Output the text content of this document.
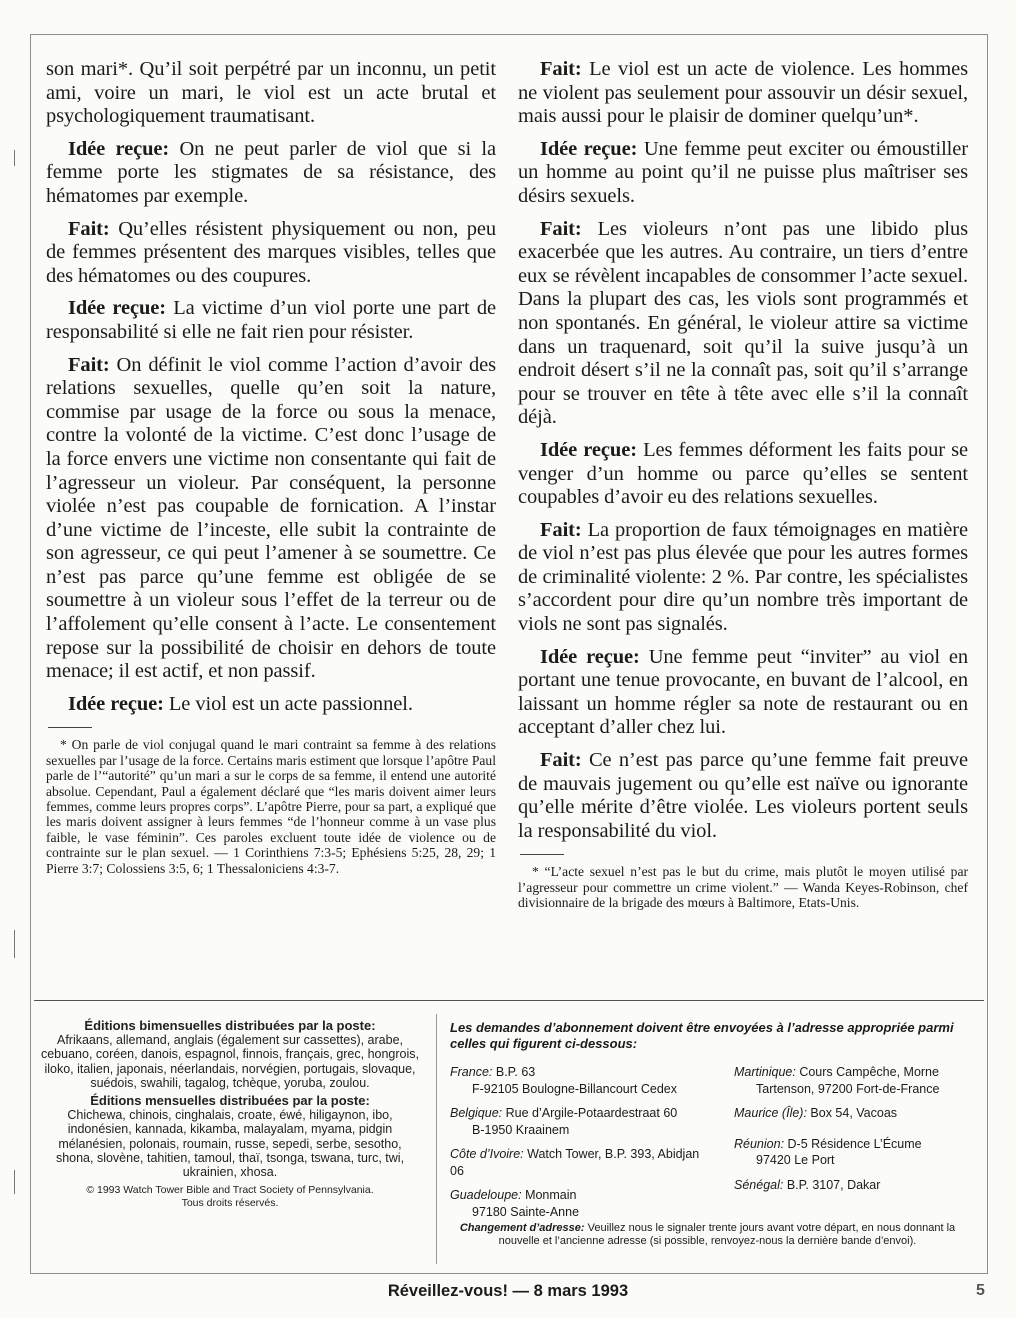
son mari*. Qu’il soit perpétré par un inconnu, un petit ami, voire un mari, le viol est un acte brutal et psychologiquement traumatisant.

Idée reçue: On ne peut parler de viol que si la femme porte les stigmates de sa résistance, des hématomes par exemple.

Fait: Qu’elles résistent physiquement ou non, peu de femmes présentent des marques visibles, telles que des hématomes ou des coupures.

Idée reçue: La victime d’un viol porte une part de responsabilité si elle ne fait rien pour résister.

Fait: On définit le viol comme l’action d’avoir des relations sexuelles, quelle qu’en soit la nature, commise par usage de la force ou sous la menace, contre la volonté de la victime. C’est donc l’usage de la force envers une victime non consentante qui fait de l’agresseur un violeur. Par conséquent, la personne violée n’est pas coupable de fornication. A l’instar d’une victime de l’inceste, elle subit la contrainte de son agresseur, ce qui peut l’amener à se soumettre. Ce n’est pas parce qu’une femme est obligée de se soumettre à un violeur sous l’effet de la terreur ou de l’affolement qu’elle consent à l’acte. Le consentement repose sur la possibilité de choisir en dehors de toute menace; il est actif, et non passif.

Idée reçue: Le viol est un acte passionnel.

* On parle de viol conjugal quand le mari contraint sa femme à des relations sexuelles par l’usage de la force. Certains maris estiment que lorsque l’apôtre Paul parle de l’“autorité” qu’un mari a sur le corps de sa femme, il entend une autorité absolue. Cependant, Paul a également déclaré que “les maris doivent aimer leurs femmes, comme leurs propres corps”. L’apôtre Pierre, pour sa part, a expliqué que les maris doivent assigner à leurs femmes “de l’honneur comme à un vase plus faible, le vase féminin”. Ces paroles excluent toute idée de violence ou de contrainte sur le plan sexuel. — 1 Corinthiens 7:3-5; Ephésiens 5:25, 28, 29; 1 Pierre 3:7; Colossiens 3:5, 6; 1 Thessaloniciens 4:3-7.

Fait: Le viol est un acte de violence. Les hommes ne violent pas seulement pour assouvir un désir sexuel, mais aussi pour le plaisir de dominer quelqu’un*.

Idée reçue: Une femme peut exciter ou émoustiller un homme au point qu’il ne puisse plus maîtriser ses désirs sexuels.

Fait: Les violeurs n’ont pas une libido plus exacerbée que les autres. Au contraire, un tiers d’entre eux se révèlent incapables de consommer l’acte sexuel. Dans la plupart des cas, les viols sont programmés et non spontanés. En général, le violeur attire sa victime dans un traquenard, soit qu’il la suive jusqu’à un endroit désert s’il ne la connaît pas, soit qu’il s’arrange pour se trouver en tête à tête avec elle s’il la connaît déjà.

Idée reçue: Les femmes déforment les faits pour se venger d’un homme ou parce qu’elles se sentent coupables d’avoir eu des relations sexuelles.

Fait: La proportion de faux témoignages en matière de viol n’est pas plus élevée que pour les autres formes de criminalité violente: 2 %. Par contre, les spécialistes s’accordent pour dire qu’un nombre très important de viols ne sont pas signalés.

Idée reçue: Une femme peut “inviter” au viol en portant une tenue provocante, en buvant de l’alcool, en laissant un homme régler sa note de restaurant ou en acceptant d’aller chez lui.

Fait: Ce n’est pas parce qu’une femme fait preuve de mauvais jugement ou qu’elle est naïve ou ignorante qu’elle mérite d’être violée. Les violeurs portent seuls la responsabilité du viol.

* “L’acte sexuel n’est pas le but du crime, mais plutôt le moyen utilisé par l’agresseur pour commettre un crime violent.” — Wanda Keyes-Robinson, chef divisionnaire de la brigade des mœurs à Baltimore, Etats-Unis.

Éditions bimensuelles distribuées par la poste:

Afrikaans, allemand, anglais (également sur cassettes), arabe, cebuano, coréen, danois, espagnol, finnois, français, grec, hongrois, iloko, italien, japonais, néerlandais, norvégien, portugais, slovaque, suédois, swahili, tagalog, tchèque, yoruba, zoulou.

Éditions mensuelles distribuées par la poste:

Chichewa, chinois, cinghalais, croate, éwé, hiligaynon, ibo, indonésien, kannada, kikamba, malayalam, myama, pidgin mélanésien, polonais, roumain, russe, sepedi, serbe, sesotho, shona, slovène, tahitien, tamoul, thaï, tsonga, tswana, turc, twi, ukrainien, xhosa.

© 1993 Watch Tower Bible and Tract Society of Pennsylvania.
Tous droits réservés.

Les demandes d’abonnement doivent être envoyées à l’adresse appropriée parmi celles qui figurent ci-dessous:

France: B.P. 63
F-92105 Boulogne-Billancourt Cedex
Belgique: Rue d’Argile-Potaardestraat 60
B-1950 Kraainem
Côte d’Ivoire: Watch Tower, B.P. 393, Abidjan 06
Guadeloupe: Monmain
97180 Sainte-Anne
Martinique: Cours Campêche, Morne
Tartenson, 97200 Fort-de-France
Maurice (Île): Box 54, Vacoas
Réunion: D-5 Résidence L’Écume
97420 Le Port
Sénégal: B.P. 3107, Dakar
Changement d’adresse: Veuillez nous le signaler trente jours avant votre départ, en nous donnant la nouvelle et l’ancienne adresse (si possible, renvoyez-nous la dernière bande d’envoi).
Réveillez-vous! — 8 mars 1993	5
